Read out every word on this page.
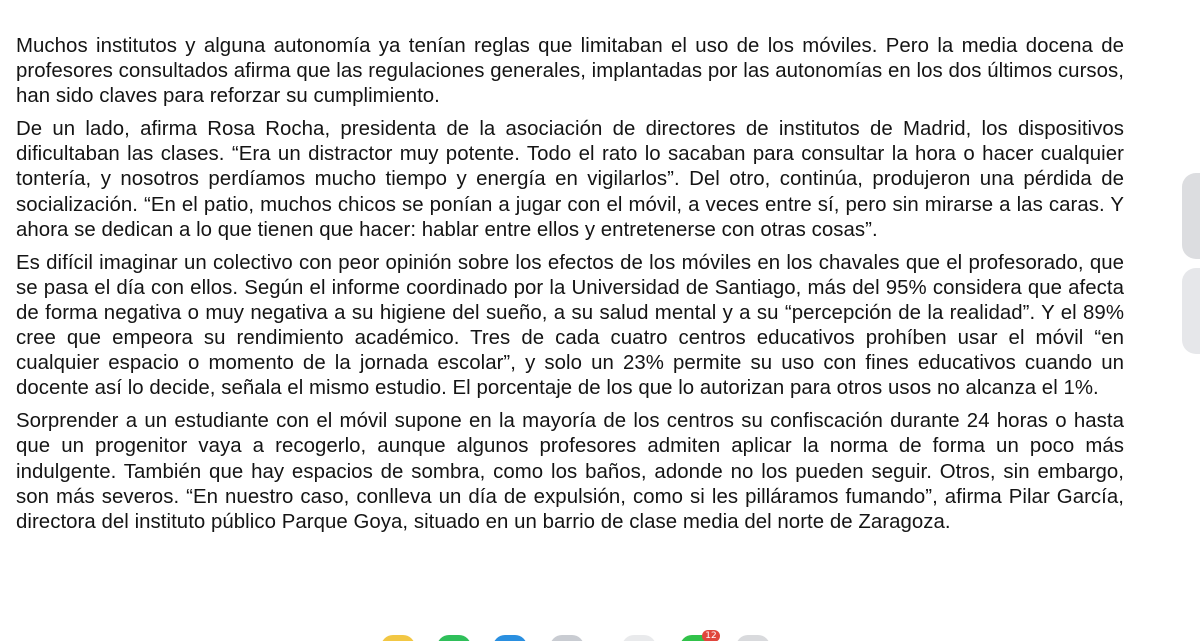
Muchos institutos y alguna autonomía ya tenían reglas que limitaban el uso de los móviles. Pero la media docena de profesores consultados afirma que las regulaciones generales, implantadas por las autonomías en los dos últimos cursos, han sido claves para reforzar su cumplimiento.

De un lado, afirma Rosa Rocha, presidenta de la asociación de directores de institutos de Madrid, los dispositivos dificultaban las clases. “Era un distractor muy potente. Todo el rato lo sacaban para consultar la hora o hacer cualquier tontería, y nosotros perdíamos mucho tiempo y energía en vigilarlos”. Del otro, continúa, produjeron una pérdida de socialización. “En el patio, muchos chicos se ponían a jugar con el móvil, a veces entre sí, pero sin mirarse a las caras. Y ahora se dedican a lo que tienen que hacer: hablar entre ellos y entretenerse con otras cosas”.

Es difícil imaginar un colectivo con peor opinión sobre los efectos de los móviles en los chavales que el profesorado, que se pasa el día con ellos. Según el informe coordinado por la Universidad de Santiago, más del 95% considera que afecta de forma negativa o muy negativa a su higiene del sueño, a su salud mental y a su “percepción de la realidad”. Y el 89% cree que empeora su rendimiento académico. Tres de cada cuatro centros educativos prohíben usar el móvil “en cualquier espacio o momento de la jornada escolar”, y solo un 23% permite su uso con fines educativos cuando un docente así lo decide, señala el mismo estudio. El porcentaje de los que lo autorizan para otros usos no alcanza el 1%.

Sorprender a un estudiante con el móvil supone en la mayoría de los centros su confiscación durante 24 horas o hasta que un progenitor vaya a recogerlo, aunque algunos profesores admiten aplicar la norma de forma un poco más indulgente. También que hay espacios de sombra, como los baños, adonde no los pueden seguir. Otros, sin embargo, son más severos. “En nuestro caso, conlleva un día de expulsión, como si les pilláramos fumando”, afirma Pilar García, directora del instituto público Parque Goya, situado en un barrio de clase media del norte de Zaragoza.

12
